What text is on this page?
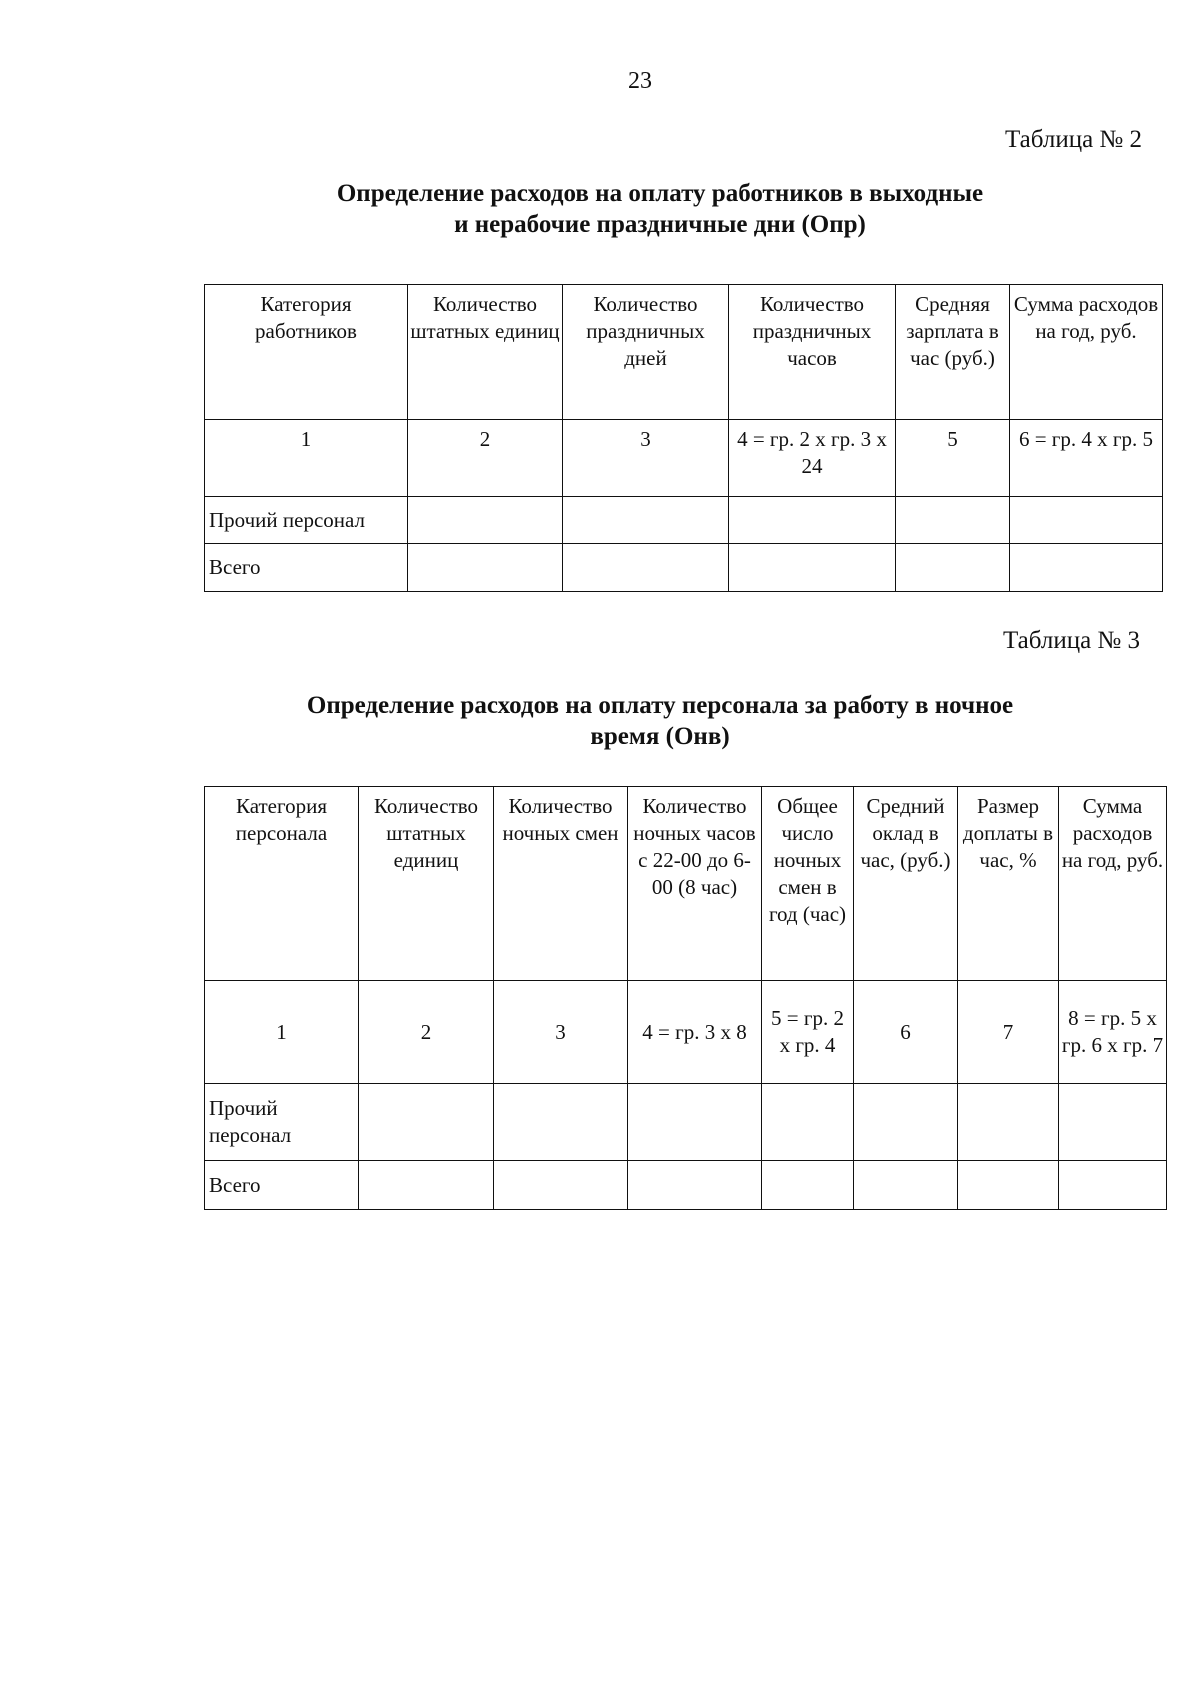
23
Таблица № 2
Определение расходов на оплату работников в выходные
и нерабочие праздничные дни (Опр)
Категория работников	Количество штатных единиц	Количество праздничных дней	Количество праздничных часов	Средняя зарплата в час (руб.)	Сумма расходов на год, руб.
1	2	3	4 = гр. 2 х гр. 3 х 24	5	6 = гр. 4 х гр. 5
Прочий персонал					
Всего					
Таблица № 3
Определение расходов на оплату персонала за работу в ночное
время (Онв)
Категория персонала	Количество штатных единиц	Количество ночных смен	Количество ночных часов с 22-00 до 6-00 (8 час)	Общее число ночных смен в год (час)	Средний оклад в час, (руб.)	Размер доплаты в час, %	Сумма расходов на год, руб.
1	2	3	4 = гр. 3 х 8	5 = гр. 2 х гр. 4	6	7	8 = гр. 5 х гр. 6 х гр. 7
Прочий персонал							
Всего							
